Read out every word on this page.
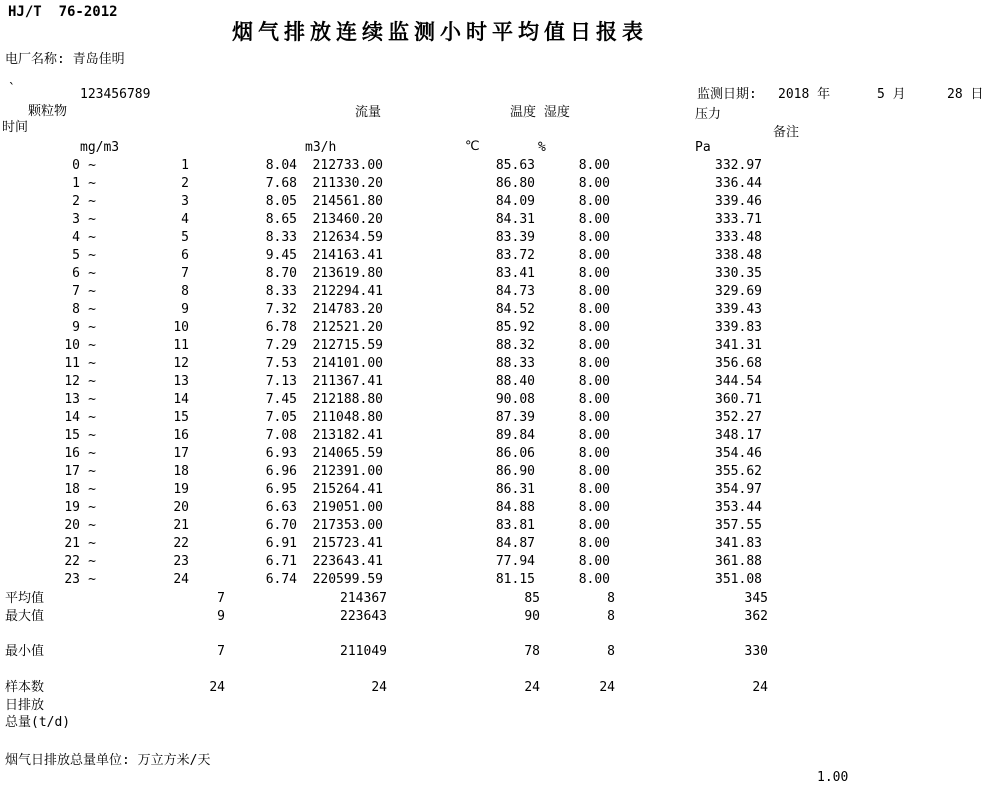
HJ/T  76-2012
烟气排放连续监测小时平均值日报表
电厂名称: 青岛佳明
`	123456789	监测日期: 2018 年	5 月	28 日
颗粒物	流量	温度 湿度	压力
时间	备注
mg/m3	m3/h	℃	%	Pa
0 ~	1	8.04	212733.00	85.63	8.00	332.97
1 ~	2	7.68	211330.20	86.80	8.00	336.44
2 ~	3	8.05	214561.80	84.09	8.00	339.46
3 ~	4	8.65	213460.20	84.31	8.00	333.71
4 ~	5	8.33	212634.59	83.39	8.00	333.48
5 ~	6	9.45	214163.41	83.72	8.00	338.48
6 ~	7	8.70	213619.80	83.41	8.00	330.35
7 ~	8	8.33	212294.41	84.73	8.00	329.69
8 ~	9	7.32	214783.20	84.52	8.00	339.43
9 ~	10	6.78	212521.20	85.92	8.00	339.83
10 ~	11	7.29	212715.59	88.32	8.00	341.31
11 ~	12	7.53	214101.00	88.33	8.00	356.68
12 ~	13	7.13	211367.41	88.40	8.00	344.54
13 ~	14	7.45	212188.80	90.08	8.00	360.71
14 ~	15	7.05	211048.80	87.39	8.00	352.27
15 ~	16	7.08	213182.41	89.84	8.00	348.17
16 ~	17	6.93	214065.59	86.06	8.00	354.46
17 ~	18	6.96	212391.00	86.90	8.00	355.62
18 ~	19	6.95	215264.41	86.31	8.00	354.97
19 ~	20	6.63	219051.00	84.88	8.00	353.44
20 ~	21	6.70	217353.00	83.81	8.00	357.55
21 ~	22	6.91	215723.41	84.87	8.00	341.83
22 ~	23	6.71	223643.41	77.94	8.00	361.88
23 ~	24	6.74	220599.59	81.15	8.00	351.08
平均值	7	214367	85	8	345
最大值	9	223643	90	8	362
最小值	7	211049	78	8	330
样本数	24	24	24	24	24
日排放
总量(t/d)
烟气日排放总量单位: 万立方米/天
1.00
